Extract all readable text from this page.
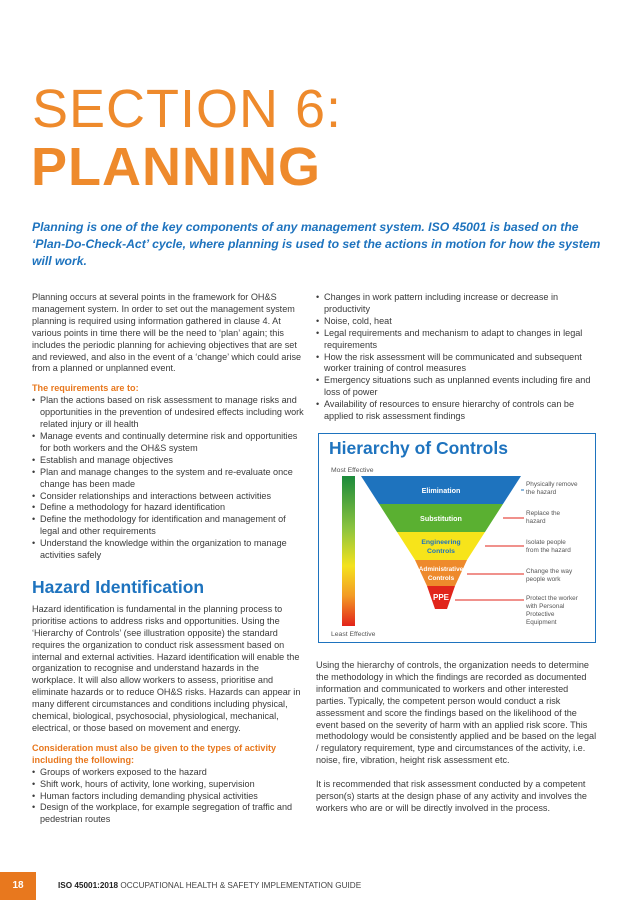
SECTION 6:
PLANNING

Planning is one of the key components of any management system. ISO 45001 is based on the ‘Plan-Do-Check-Act’ cycle, where planning is used to set the actions in motion for how the system will work.

Planning occurs at several points in the framework for OH&S management system. In order to set out the management system planning is required using information gathered in clause 4. At various points in time there will be the need to ‘plan’ again; this includes the periodic planning for achieving objectives that are set and reviewed, and also in the event of a ‘change’ which could arise from a planned or unplanned event.

The requirements are to:

• Plan the actions based on risk assessment to manage risks and opportunities in the prevention of undesired effects including work related injury or ill health
• Manage events and continually determine risk and opportunities for both workers and the OH&S system
• Establish and manage objectives
• Plan and manage changes to the system and re-evaluate once change has been made
• Consider relationships and interactions between activities
• Define a methodology for hazard identification
• Define the methodology for identification and management of legal and other requirements
• Understand the knowledge within the organization to manage activities safely
Hazard Identification

Hazard identification is fundamental in the planning process to prioritise actions to address risks and opportunities. Using the ‘Hierarchy of Controls’ (see illustration opposite) the standard requires the organization to conduct risk assessment based on internal and external activities. Hazard identification will enable the organization to recognise and understand hazards in the workplace. It will also allow workers to assess, prioritise and eliminate hazards or to reduce OH&S risks. Hazards can appear in many different circumstances and conditions including physical, chemical, biological, psychosocial, physiological, mechanical, electrical, or those based on movement and energy.

Consideration must also be given to the types of activity including the following:

• Groups of workers exposed to the hazard
• Shift work, hours of activity, lone working, supervision
• Human factors including demanding physical activities
• Design of the workplace, for example segregation of traffic and pedestrian routes
• Changes in work pattern including increase or decrease in productivity
• Noise, cold, heat
• Legal requirements and mechanism to adapt to changes in legal requirements
• How the risk assessment will be communicated and subsequent worker training of control measures
• Emergency situations such as unplanned events including fire and loss of power
• Availability of resources to ensure hierarchy of controls can be applied to risk assessment findings
Hierarchy of Controls
Most Effective
Least Effective
Elimination
Physically remove
the hazard
Substitution
Replace the
hazard
Engineering
Controls
Isolate people
from the hazard
Administrative
Controls
Change the way
people work
PPE	Protect the worker
with Personal
Protective
Equipment

Using the hierarchy of controls, the organization needs to determine the methodology in which the findings are recorded as documented information and communicated to workers and other interested parties. Typically, the competent person would conduct a risk assessment and score the findings based on the likelihood of the event based on the severity of harm with an applied risk score. This methodology would be consistently applied and be based on the legal / regulatory requirement, type and circumstances of the activity, i.e. noise, fire, vibration, height risk assessment etc.

It is recommended that risk assessment conducted by a competent person(s) starts at the design phase of any activity and involves the workers who are or will be directly involved in the process.

18	ISO 45001:2018 OCCUPATIONAL HEALTH & SAFETY IMPLEMENTATION GUIDE
